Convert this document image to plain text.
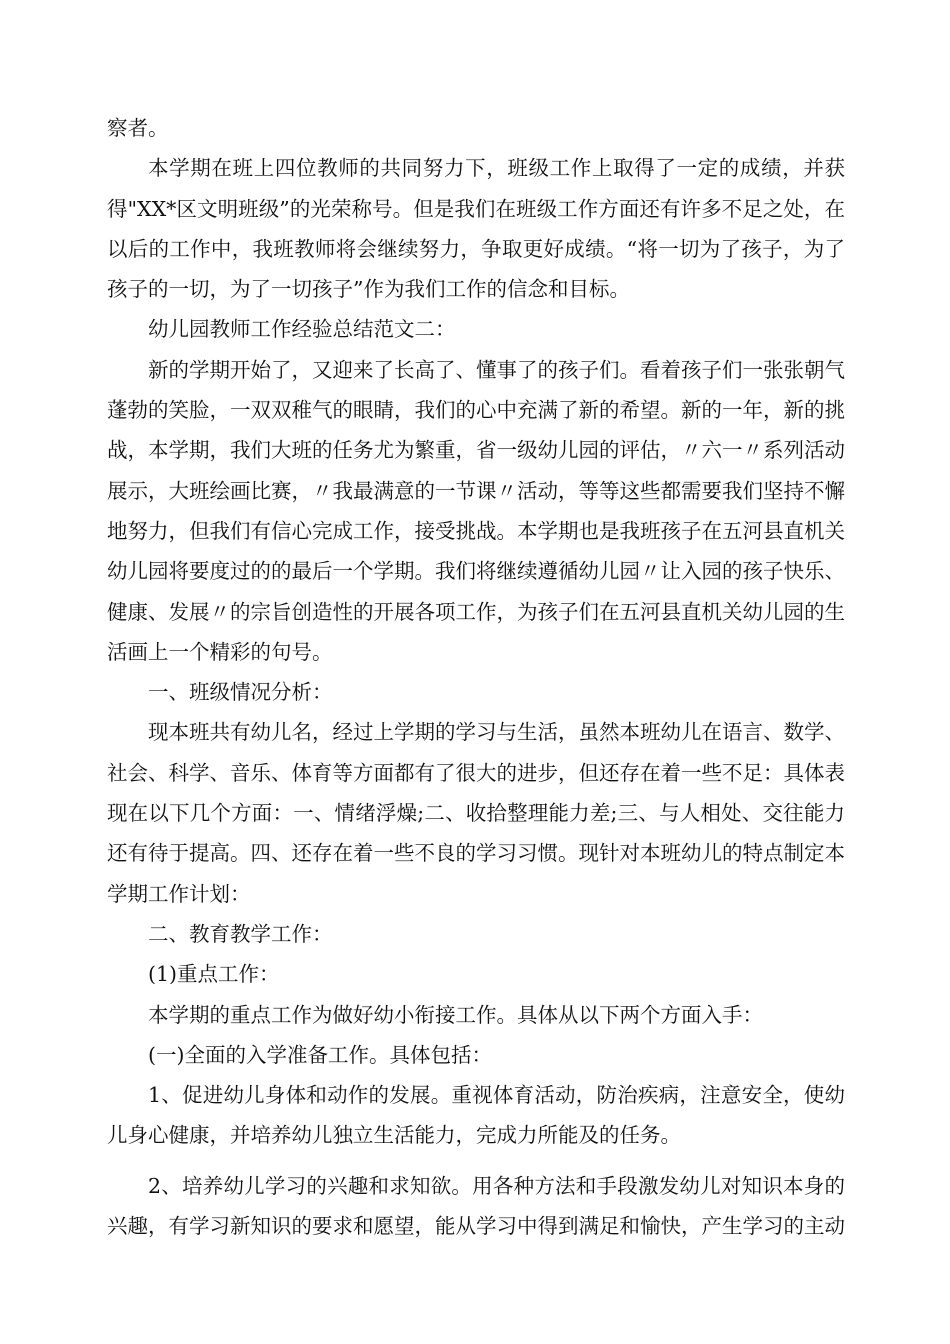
察者。

本学期在班上四位教师的共同努力下，班级工作上取得了一定的成绩，并获得"XX*区文明班级”的光荣称号。但是我们在班级工作方面还有许多不足之处，在以后的工作中，我班教师将会继续努力，争取更好成绩。“将一切为了孩子，为了孩子的一切，为了一切孩子”作为我们工作的信念和目标。

幼儿园教师工作经验总结范文二：

新的学期开始了，又迎来了长高了、懂事了的孩子们。看着孩子们一张张朝气蓬勃的笑脸，一双双稚气的眼睛，我们的心中充满了新的希望。新的一年，新的挑战，本学期，我们大班的任务尤为繁重，省一级幼儿园的评估，〃六一〃系列活动展示，大班绘画比赛，〃我最满意的一节课〃活动，等等这些都需要我们坚持不懈地努力，但我们有信心完成工作，接受挑战。本学期也是我班孩子在五河县直机关幼儿园将要度过的的最后一个学期。我们将继续遵循幼儿园〃让入园的孩子快乐、健康、发展〃的宗旨创造性的开展各项工作，为孩子们在五河县直机关幼儿园的生活画上一个精彩的句号。

一、班级情况分析：

现本班共有幼儿名，经过上学期的学习与生活，虽然本班幼儿在语言、数学、社会、科学、音乐、体育等方面都有了很大的进步，但还存在着一些不足：具体表现在以下几个方面：一、情绪浮燥;二、收拾整理能力差;三、与人相处、交往能力还有待于提高。四、还存在着一些不良的学习习惯。现针对本班幼儿的特点制定本学期工作计划：

二、教育教学工作：

(1)重点工作：

本学期的重点工作为做好幼小衔接工作。具体从以下两个方面入手：

(一)全面的入学准备工作。具体包括：

1、促进幼儿身体和动作的发展。重视体育活动，防治疾病，注意安全，使幼儿身心健康，并培养幼儿独立生活能力，完成力所能及的任务。

2、培养幼儿学习的兴趣和求知欲。用各种方法和手段激发幼儿对知识本身的兴趣，有学习新知识的要求和愿望，能从学习中得到满足和愉快，产生学习的主动
